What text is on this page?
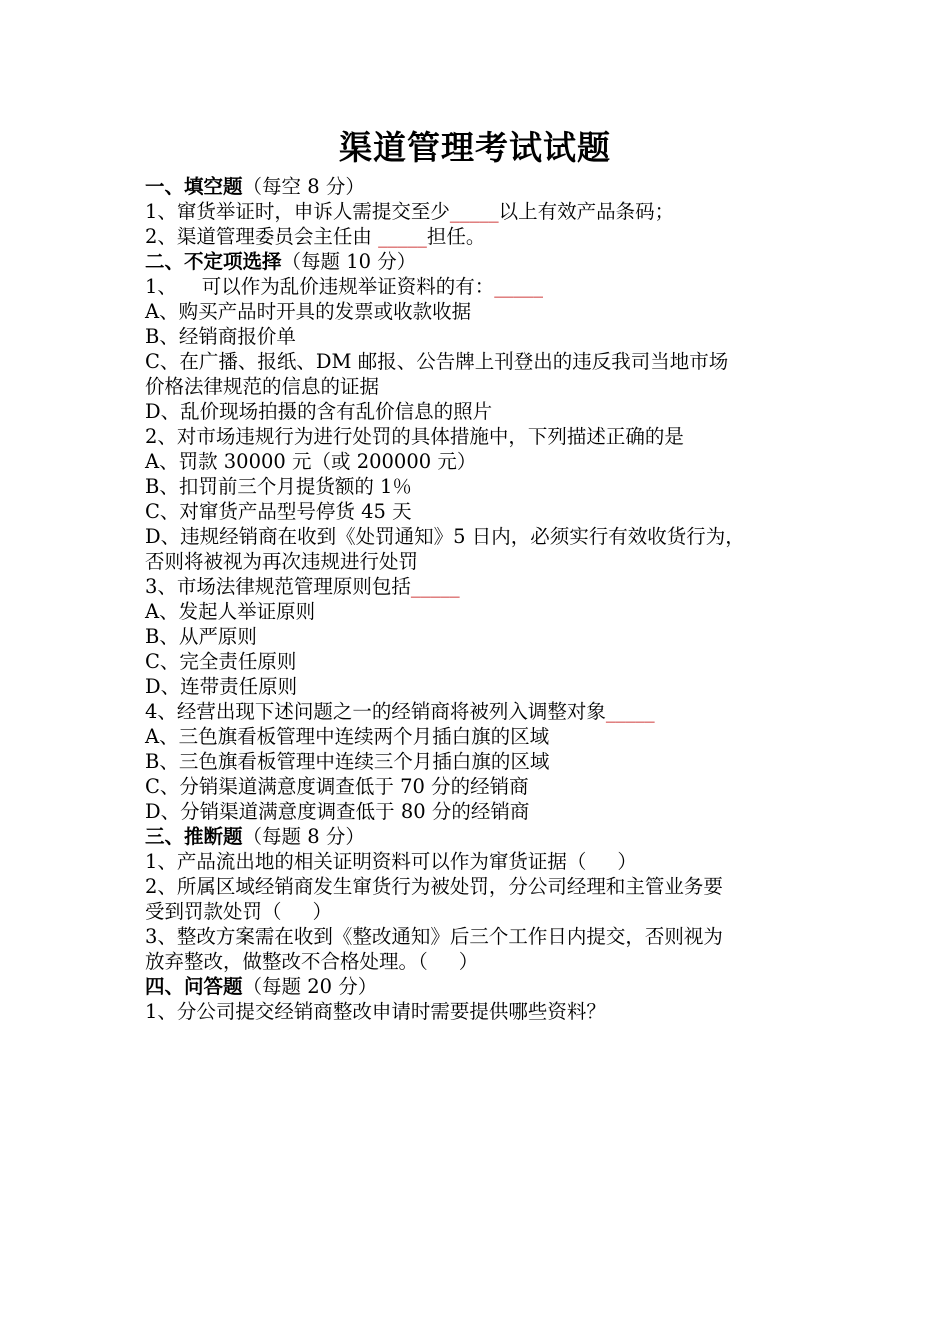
渠道管理考试试题
一、填空题（每空 8 分）
1、窜货举证时，申诉人需提交至少_____以上有效产品条码；
2、渠道管理委员会主任由 _____担任。
二、不定项选择（每题 10 分）
1、    可以作为乱价违规举证资料的有：_____
A、购买产品时开具的发票或收款收据
B、经销商报价单
C、在广播、报纸、DM 邮报、公告牌上刊登出的违反我司当地市场
价格法律规范的信息的证据
D、乱价现场拍摄的含有乱价信息的照片
2、对市场违规行为进行处罚的具体措施中，下列描述正确的是
A、罚款 30000 元（或 200000 元）
B、扣罚前三个月提货额的 1％
C、对窜货产品型号停货 45 天
D、违规经销商在收到《处罚通知》5 日内，必须实行有效收货行为，
否则将被视为再次违规进行处罚
3、市场法律规范管理原则包括_____
A、发起人举证原则
B、从严原则
C、完全责任原则
D、连带责任原则
4、经营出现下述问题之一的经销商将被列入调整对象_____
A、三色旗看板管理中连续两个月插白旗的区域
B、三色旗看板管理中连续三个月插白旗的区域
C、分销渠道满意度调查低于 70 分的经销商
D、分销渠道满意度调查低于 80 分的经销商
三、推断题（每题 8 分）
1、产品流出地的相关证明资料可以作为窜货证据（     ）
2、所属区域经销商发生窜货行为被处罚，分公司经理和主管业务要
受到罚款处罚（     ）
3、整改方案需在收到《整改通知》后三个工作日内提交，否则视为
放弃整改，做整改不合格处理。（     ）
四、问答题（每题 20 分）
1、分公司提交经销商整改申请时需要提供哪些资料？
